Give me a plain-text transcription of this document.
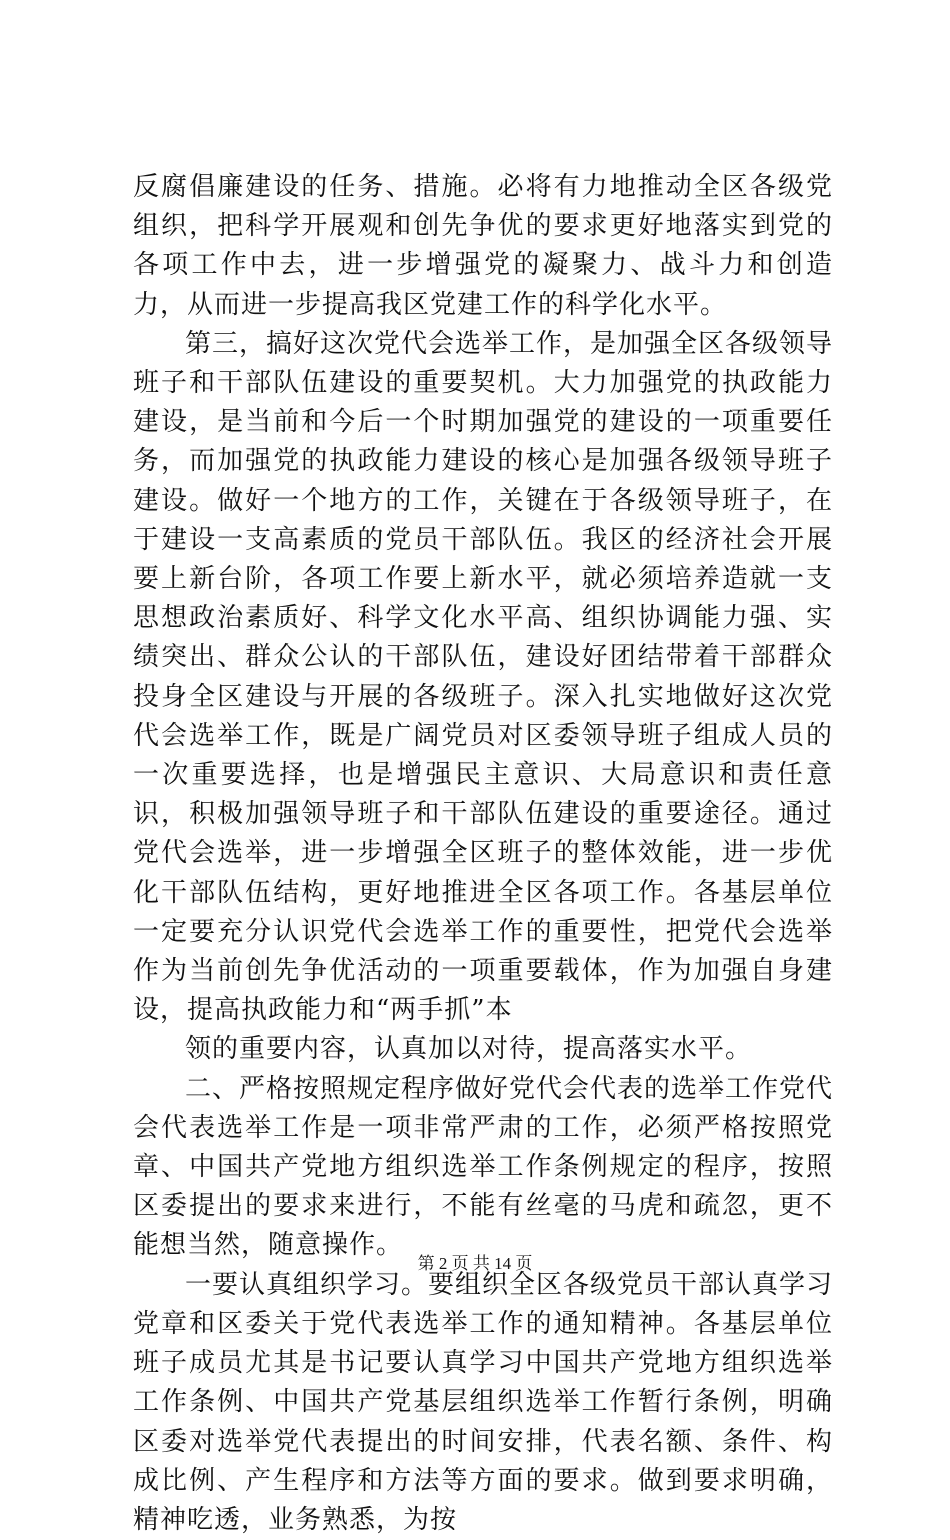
反腐倡廉建设的任务、措施。必将有力地推动全区各级党组织，把科学开展观和创先争优的要求更好地落实到党的各项工作中去，进一步增强党的凝聚力、战斗力和创造力，从而进一步提高我区党建工作的科学化水平。

第三，搞好这次党代会选举工作，是加强全区各级领导班子和干部队伍建设的重要契机。大力加强党的执政能力建设，是当前和今后一个时期加强党的建设的一项重要任务，而加强党的执政能力建设的核心是加强各级领导班子建设。做好一个地方的工作，关键在于各级领导班子，在于建设一支高素质的党员干部队伍。我区的经济社会开展要上新台阶，各项工作要上新水平，就必须培养造就一支思想政治素质好、科学文化水平高、组织协调能力强、实绩突出、群众公认的干部队伍，建设好团结带着干部群众投身全区建设与开展的各级班子。深入扎实地做好这次党代会选举工作，既是广阔党员对区委领导班子组成人员的一次重要选择，也是增强民主意识、大局意识和责任意识，积极加强领导班子和干部队伍建设的重要途径。通过党代会选举，进一步增强全区班子的整体效能，进一步优化干部队伍结构，更好地推进全区各项工作。各基层单位一定要充分认识党代会选举工作的重要性，把党代会选举作为当前创先争优活动的一项重要载体，作为加强自身建设，提高执政能力和“两手抓”本

领的重要内容，认真加以对待，提高落实水平。

二、严格按照规定程序做好党代会代表的选举工作党代会代表选举工作是一项非常严肃的工作，必须严格按照党章、中国共产党地方组织选举工作条例规定的程序，按照区委提出的要求来进行，不能有丝毫的马虎和疏忽，更不能想当然，随意操作。

一要认真组织学习。要组织全区各级党员干部认真学习党章和区委关于党代表选举工作的通知精神。各基层单位班子成员尤其是书记要认真学习中国共产党地方组织选举工作条例、中国共产党基层组织选举工作暂行条例，明确区委对选举党代表提出的时间安排，代表名额、条件、构成比例、产生程序和方法等方面的要求。做到要求明确，精神吃透，业务熟悉，为按

第 2 页 共 14 页
